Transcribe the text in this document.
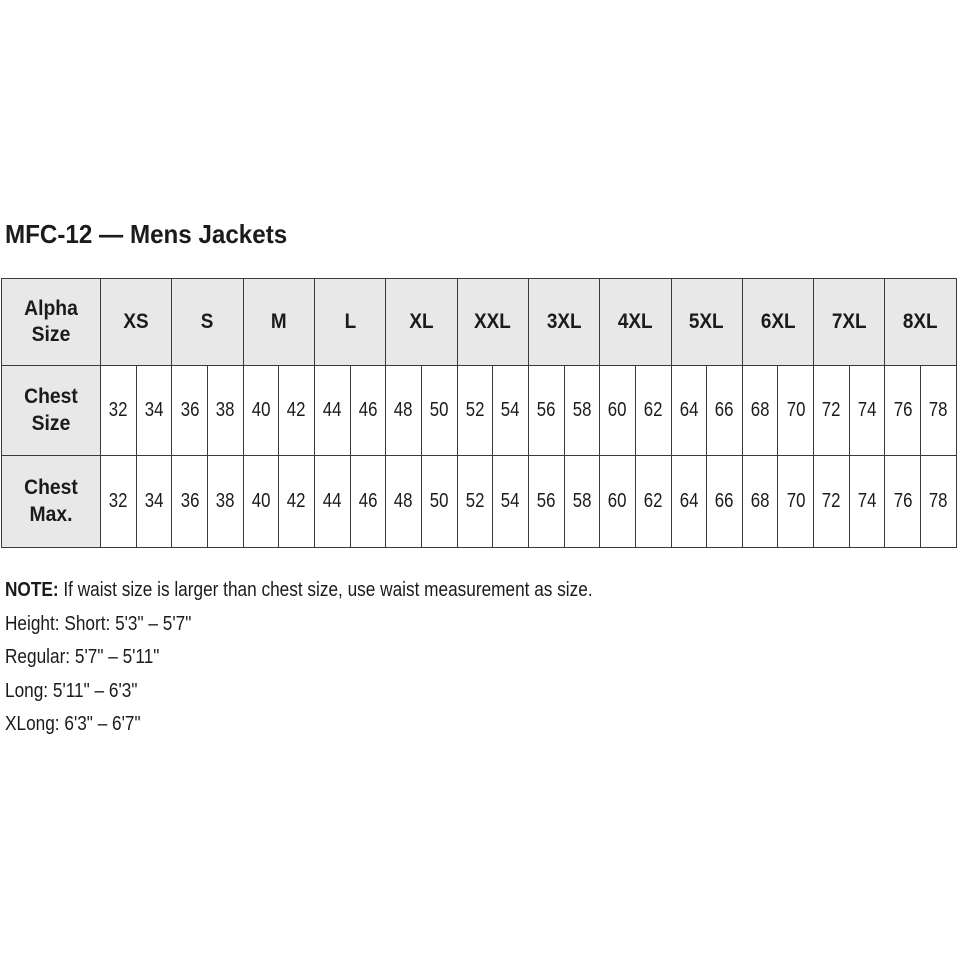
MFC-12 — Mens Jackets
Alpha Size	XS		S		M		L		XL		XXL		3XL		4XL		5XL		6XL		7XL		8XL	
Chest Size	32	34	36	38	40	42	44	46	48	50	52	54	56	58	60	62	64	66	68	70	72	74	76	78
Chest Max.	32	34	36	38	40	42	44	46	48	50	52	54	56	58	60	62	64	66	68	70	72	74	76	78
NOTE: If waist size is larger than chest size, use waist measurement as size.
Height: Short: 5'3" – 5'7"
Regular: 5'7" – 5'11"
Long: 5'11" – 6'3"
XLong: 6'3" – 6'7"
